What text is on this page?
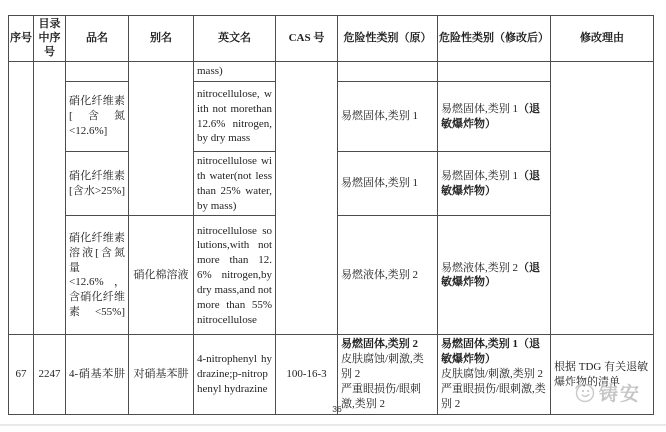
序号	目录中序号	品名	别名	英文名	CAS 号	危险性类别（原）	危险性类别（修改后）	修改理由
				mass)				
		硝化纤维素[含氮<12.6%]		nitrocellulose, with not morethan 12.6% nitrogen, by dry mass		易燃固体,类别 1	易燃固体,类别 1（退敏爆炸物）	
		硝化纤维素[含水>25%]		nitrocellulose with water(not less than 25% water,by mass)		易燃固体,类别 1	易燃固体,类别 1（退敏爆炸物）	
		硝化纤维素溶液[含氮量<12.6%，含硝化纤维素<55%]	硝化棉溶液	nitrocellulose solutions,with not more than 12.6% nitrogen,by dry mass,and not more than 55% nitrocellulose		易燃液体,类别 2	易燃液体,类别 2（退敏爆炸物）	
67	2247	4-硝基苯肼	对硝基苯肼	4-nitrophenyl hydrazine;p-nitrophenyl hydrazine	100-16-3	易燃固体,类别 2
皮肤腐蚀/刺激,类别 2
严重眼损伤/眼刺激,类别 2	易燃固体,类别 1（退敏爆炸物）
皮肤腐蚀/刺激,类别 2
严重眼损伤/眼刺激,类别 2	根据 TDG 有关退敏爆炸物的清单
36
铸安
